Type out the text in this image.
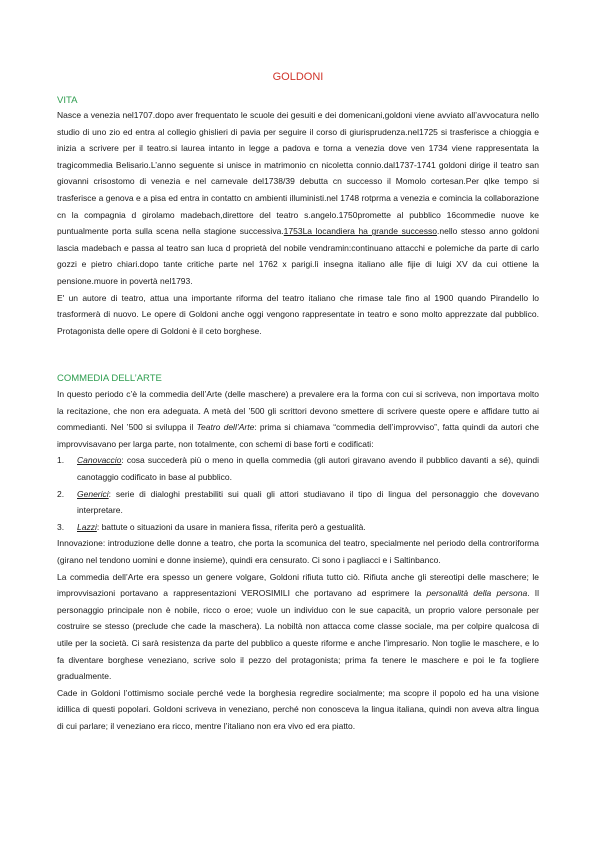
GOLDONI
VITA

Nasce a venezia nel1707.dopo aver frequentato le scuole dei gesuiti e dei domenicani,goldoni viene avviato all’avvocatura nello studio di uno zio ed entra al collegio ghislieri di pavia per seguire il corso di giurisprudenza.nel1725 si trasferisce a chioggia e inizia a scrivere per il teatro.si laurea intanto in legge a padova e torna a venezia dove ven 1734 viene rappresentata la tragicommedia Belisario.L’anno seguente si unisce in matrimonio cn nicoletta connio.dal1737-1741 goldoni dirige il teatro san giovanni crisostomo di venezia e nel carnevale del1738/39 debutta cn successo il Momolo cortesan.Per qlke tempo si trasferisce a genova e a pisa ed entra in contatto cn ambienti illuministi.nel 1748 rotprma a venezia e comincia la collaborazione cn la compagnia d girolamo madebach,direttore del teatro s.angelo.1750promette al pubblico 16commedie nuove ke puntualmente porta sulla scena nella stagione successiva.1753La locandiera ha grande successo.nello stesso anno goldoni lascia madebach e passa al teatro san luca d proprietà del nobile vendramin:continuano attacchi e polemiche da parte di carlo gozzi e pietro chiari.dopo tante critiche parte nel 1762 x parigi.lì insegna italiano alle fijie di luigi XV da cui ottiene la pensione.muore in povertà nel1793.

E' un autore di teatro, attua una importante riforma del teatro italiano che rimase tale fino al 1900 quando Pirandello lo trasformerà di nuovo. Le opere di Goldoni anche oggi vengono rappresentate in teatro e sono molto apprezzate dal pubblico. Protagonista delle opere di Goldoni è il ceto borghese.

COMMEDIA DELL’ARTE

In questo periodo c’è la commedia dell’Arte (delle maschere) a prevalere era la forma con cui si scriveva, non importava molto la recitazione, che non era adeguata. A metà del ’500 gli scrittori devono smettere di scrivere queste opere e affidare tutto ai commedianti. Nel ’500 si sviluppa il Teatro dell’Arte: prima si chiamava “commedia dell’improvviso”, fatta quindi da autori che improvvisavano per larga parte, non totalmente, con schemi di base forti e codificati:

1. Canovaccio: cosa succederà più o meno in quella commedia (gli autori giravano avendo il pubblico davanti a sé), quindi canotaggio codificato in base al pubblico.
2. Generici: serie di dialoghi prestabiliti sui quali gli attori studiavano il tipo di lingua del personaggio che dovevano interpretare.
3. Lazzi: battute o situazioni da usare in maniera fissa, riferita però a gestualità.

Innovazione: introduzione delle donne a teatro, che porta la scomunica del teatro, specialmente nel periodo della controriforma (girano nel tendono uomini e donne insieme), quindi era censurato. Ci sono i pagliacci e i Saltinbanco.

La commedia dell’Arte era spesso un genere volgare, Goldoni rifiuta tutto ciò. Rifiuta anche gli stereotipi delle maschere; le improvvisazioni portavano a rappresentazioni VEROSIMILI che portavano ad esprimere la personalità della persona. Il personaggio principale non è nobile, ricco o eroe; vuole un individuo con le sue capacità, un proprio valore personale per costruire se stesso (preclude che cade la maschera). La nobiltà non attacca come classe sociale, ma per colpire qualcosa di utile per la società. Ci sarà resistenza da parte del pubblico a queste riforme e anche l’impresario. Non toglie le maschere, e lo fa diventare borghese veneziano, scrive solo il pezzo del protagonista; prima fa tenere le maschere e poi le fa togliere gradualmente.

Cade in Goldoni l’ottimismo sociale perché vede la borghesia regredire socialmente; ma scopre il popolo ed ha una visione idillica di questi popolari. Goldoni scriveva in veneziano, perché non conosceva la lingua italiana, quindi non aveva altra lingua di cui parlare; il veneziano era ricco, mentre l’italiano non era vivo ed era piatto.
